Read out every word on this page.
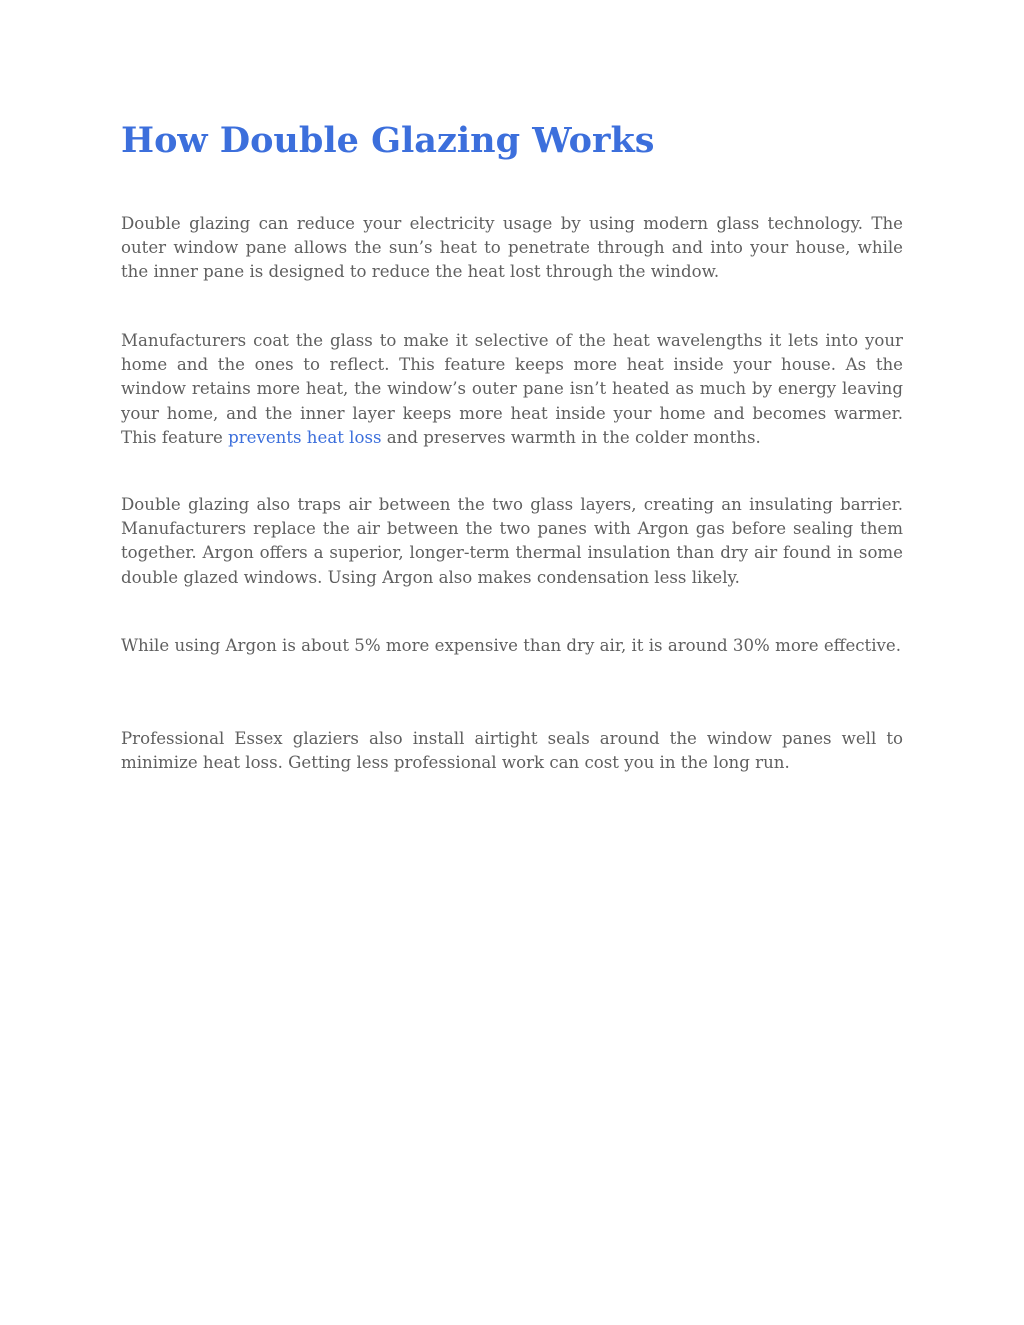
How Double Glazing Works

Double glazing can reduce your electricity usage by using modern glass technology. The outer window pane allows the sun’s heat to penetrate through and into your house, while the inner pane is designed to reduce the heat lost through the window.

Manufacturers coat the glass to make it selective of the heat wavelengths it lets into your home and the ones to reflect. This feature keeps more heat inside your house. As the window retains more heat, the window’s outer pane isn’t heated as much by energy leaving your home, and the inner layer keeps more heat inside your home and becomes warmer. This feature prevents heat loss and preserves warmth in the colder months.

Double glazing also traps air between the two glass layers, creating an insulating barrier. Manufacturers replace the air between the two panes with Argon gas before sealing them together. Argon offers a superior, longer-term thermal insulation than dry air found in some double glazed windows. Using Argon also makes condensation less likely.

While using Argon is about 5% more expensive than dry air, it is around 30% more effective.

Professional Essex glaziers also install airtight seals around the window panes well to minimize heat loss. Getting less professional work can cost you in the long run.
